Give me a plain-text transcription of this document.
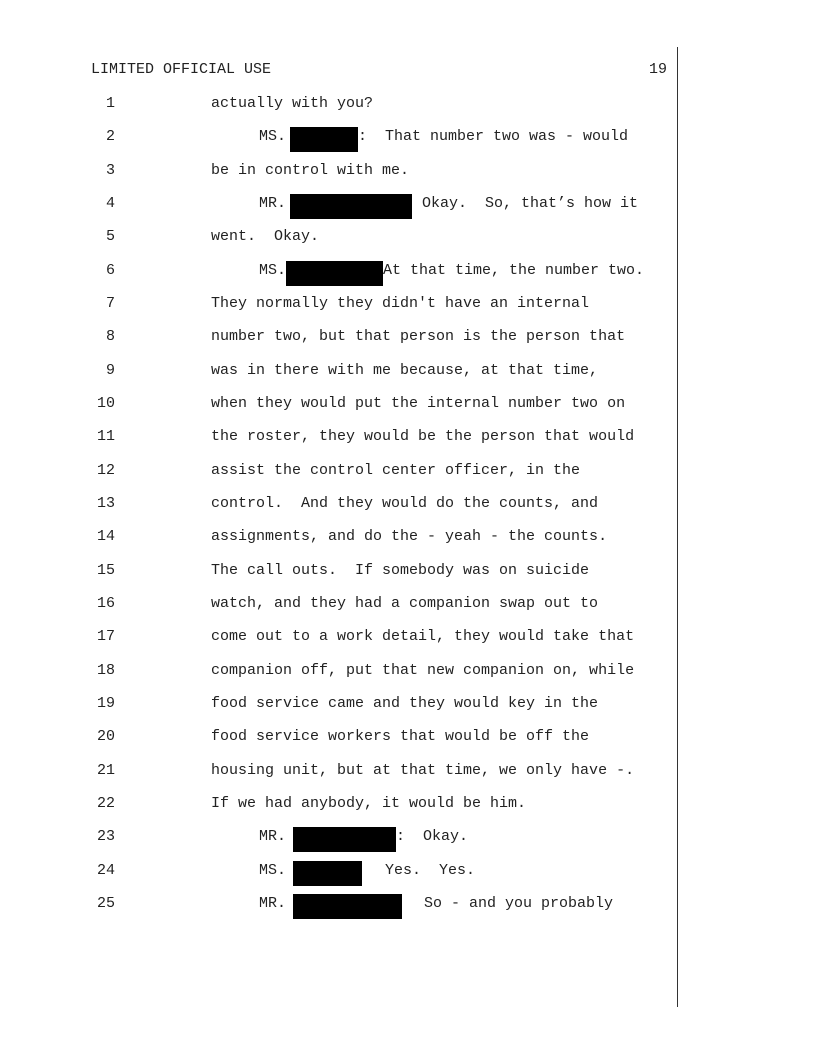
LIMITED OFFICIAL USE	19
1	actually with you?
2	MS.	:  That number two was - would
3	be in control with me.
4	MR.	Okay.  So, that’s how it
5	went.  Okay.
6	MS.	At that time, the number two.
7	They normally they didn't have an internal
8	number two, but that person is the person that
9	was in there with me because, at that time,
10	when they would put the internal number two on
11	the roster, they would be the person that would
12	assist the control center officer, in the
13	control.  And they would do the counts, and
14	assignments, and do the - yeah - the counts.
15	The call outs.  If somebody was on suicide
16	watch, and they had a companion swap out to
17	come out to a work detail, they would take that
18	companion off, put that new companion on, while
19	food service came and they would key in the
20	food service workers that would be off the
21	housing unit, but at that time, we only have -.
22	If we had anybody, it would be him.
23	MR.	:  Okay.
24	MS.	Yes.  Yes.
25	MR.	So - and you probably
